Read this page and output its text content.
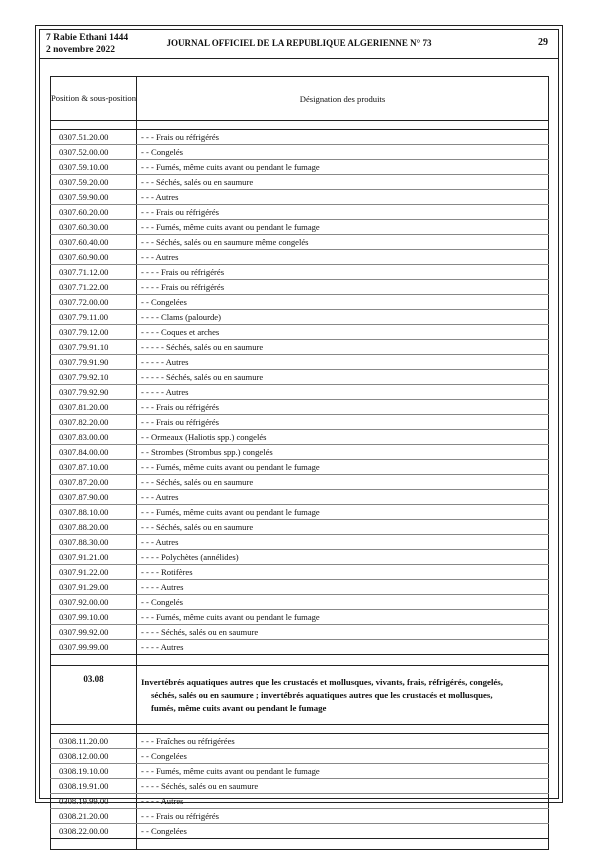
7 Rabie Ethani 1444
2 novembre 2022
JOURNAL OFFICIEL DE LA REPUBLIQUE ALGERIENNE N° 73	29
Position & sous-position	Désignation des produits

0307.51.20.00	- - - Frais ou réfrigérés
0307.52.00.00	- - Congelés
0307.59.10.00	- - - Fumés, même cuits avant ou pendant le fumage
0307.59.20.00	- - - Séchés, salés ou en saumure
0307.59.90.00	- - - Autres
0307.60.20.00	- - - Frais ou réfrigérés
0307.60.30.00	- - - Fumés, même cuits avant ou pendant le fumage
0307.60.40.00	- - - Séchés, salés ou en saumure même congelés
0307.60.90.00	- - - Autres
0307.71.12.00	- - - - Frais ou réfrigérés
0307.71.22.00	- - - - Frais ou réfrigérés
0307.72.00.00	- - Congelées
0307.79.11.00	- - - - Clams (palourde)
0307.79.12.00	- - - - Coques et arches
0307.79.91.10	- - - - - Séchés, salés ou en saumure
0307.79.91.90	- - - - - Autres
0307.79.92.10	- - - - - Séchés, salés ou en saumure
0307.79.92.90	- - - - - Autres
0307.81.20.00	- - - Frais ou réfrigérés
0307.82.20.00	- - - Frais ou réfrigérés
0307.83.00.00	- - Ormeaux (Haliotis spp.) congelés
0307.84.00.00	- - Strombes (Strombus spp.) congelés
0307.87.10.00	- - - Fumés, même cuits avant ou pendant le fumage
0307.87.20.00	- - - Séchés, salés ou en saumure
0307.87.90.00	- - - Autres
0307.88.10.00	- - - Fumés, même cuits avant ou pendant le fumage
0307.88.20.00	- - - Séchés, salés ou en saumure
0307.88.30.00	- - - Autres
0307.91.21.00	- - - - Polychètes (annélides)
0307.91.22.00	- - - - Rotifères
0307.91.29.00	- - - - Autres
0307.92.00.00	- - Congelés
0307.99.10.00	- - - Fumés, même cuits avant ou pendant le fumage
0307.99.92.00	- - - - Séchés, salés ou en saumure
0307.99.99.00	- - - - Autres

03.08	Invertébrés aquatiques autres que les crustacés et mollusques, vivants, frais, réfrigérés, congelés,
séchés, salés ou en saumure ; invertébrés aquatiques autres que les crustacés et mollusques,
fumés, même cuits avant ou pendant le fumage

0308.11.20.00	- - - Fraîches ou réfrigérées
0308.12.00.00	- - Congelées
0308.19.10.00	- - - Fumés, même cuits avant ou pendant le fumage
0308.19.91.00	- - - - Séchés, salés ou en saumure
0308.19.99.00	- - - - Autres
0308.21.20.00	- - - Frais ou réfrigérés
0308.22.00.00	- - Congelées
